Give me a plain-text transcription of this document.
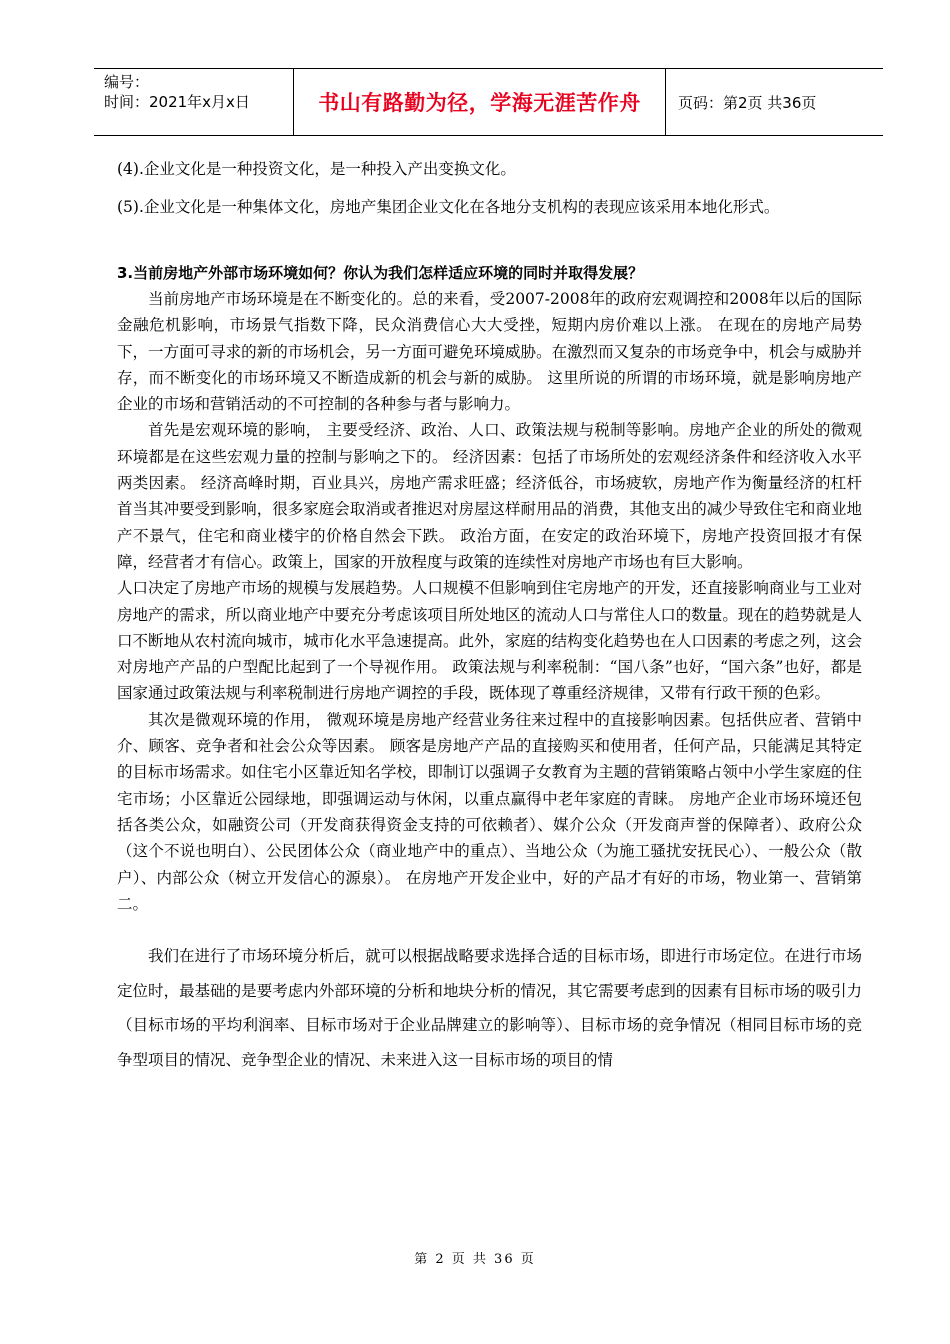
编号：
时间：2021年x月x日	书山有路勤为径，学海无涯苦作舟	页码：第2页 共36页

(4).企业文化是一种投资文化，是一种投入产出变换文化。

(5).企业文化是一种集体文化，房地产集团企业文化在各地分支机构的表现应该采用本地化形式。

3.当前房地产外部市场环境如何？你认为我们怎样适应环境的同时并取得发展？

当前房地产市场环境是在不断变化的。总的来看，受2007-2008年的政府宏观调控和2008年以后的国际金融危机影响，市场景气指数下降，民众消费信心大大受挫，短期内房价难以上涨。 在现在的房地产局势下，一方面可寻求的新的市场机会，另一方面可避免环境威胁。在激烈而又复杂的市场竞争中，机会与威胁并存，而不断变化的市场环境又不断造成新的机会与新的威胁。 这里所说的所谓的市场环境，就是影响房地产企业的市场和营销活动的不可控制的各种参与者与影响力。

首先是宏观环境的影响， 主要受经济、政治、人口、政策法规与税制等影响。房地产企业的所处的微观环境都是在这些宏观力量的控制与影响之下的。 经济因素：包括了市场所处的宏观经济条件和经济收入水平两类因素。 经济高峰时期，百业具兴，房地产需求旺盛；经济低谷，市场疲软，房地产作为衡量经济的杠杆首当其冲要受到影响，很多家庭会取消或者推迟对房屋这样耐用品的消费，其他支出的减少导致住宅和商业地产不景气，住宅和商业楼宇的价格自然会下跌。 政治方面，在安定的政治环境下，房地产投资回报才有保障，经营者才有信心。政策上，国家的开放程度与政策的连续性对房地产市场也有巨大影响。

人口决定了房地产市场的规模与发展趋势。人口规模不但影响到住宅房地产的开发，还直接影响商业与工业对房地产的需求，所以商业地产中要充分考虑该项目所处地区的流动人口与常住人口的数量。现在的趋势就是人口不断地从农村流向城市，城市化水平急速提高。此外，家庭的结构变化趋势也在人口因素的考虑之列，这会对房地产产品的户型配比起到了一个导视作用。 政策法规与利率税制：“国八条”也好，“国六条”也好，都是国家通过政策法规与利率税制进行房地产调控的手段，既体现了尊重经济规律，又带有行政干预的色彩。

其次是微观环境的作用， 微观环境是房地产经营业务往来过程中的直接影响因素。包括供应者、营销中介、顾客、竞争者和社会公众等因素。 顾客是房地产产品的直接购买和使用者，任何产品，只能满足其特定的目标市场需求。如住宅小区靠近知名学校，即制订以强调子女教育为主题的营销策略占领中小学生家庭的住宅市场；小区靠近公园绿地，即强调运动与休闲，以重点赢得中老年家庭的青睐。 房地产企业市场环境还包括各类公众，如融资公司（开发商获得资金支持的可依赖者）、媒介公众（开发商声誉的保障者）、政府公众（这个不说也明白）、公民团体公众（商业地产中的重点）、当地公众（为施工骚扰安抚民心）、一般公众（散户）、内部公众（树立开发信心的源泉）。 在房地产开发企业中，好的产品才有好的市场，物业第一、营销第二。

我们在进行了市场环境分析后，就可以根据战略要求选择合适的目标市场，即进行市场定位。在进行市场定位时，最基础的是要考虑内外部环境的分析和地块分析的情况，其它需要考虑到的因素有目标市场的吸引力（目标市场的平均利润率、目标市场对于企业品牌建立的影响等）、目标市场的竞争情况（相同目标市场的竞争型项目的情况、竞争型企业的情况、未来进入这一目标市场的项目的情

第 2 页 共 36 页
